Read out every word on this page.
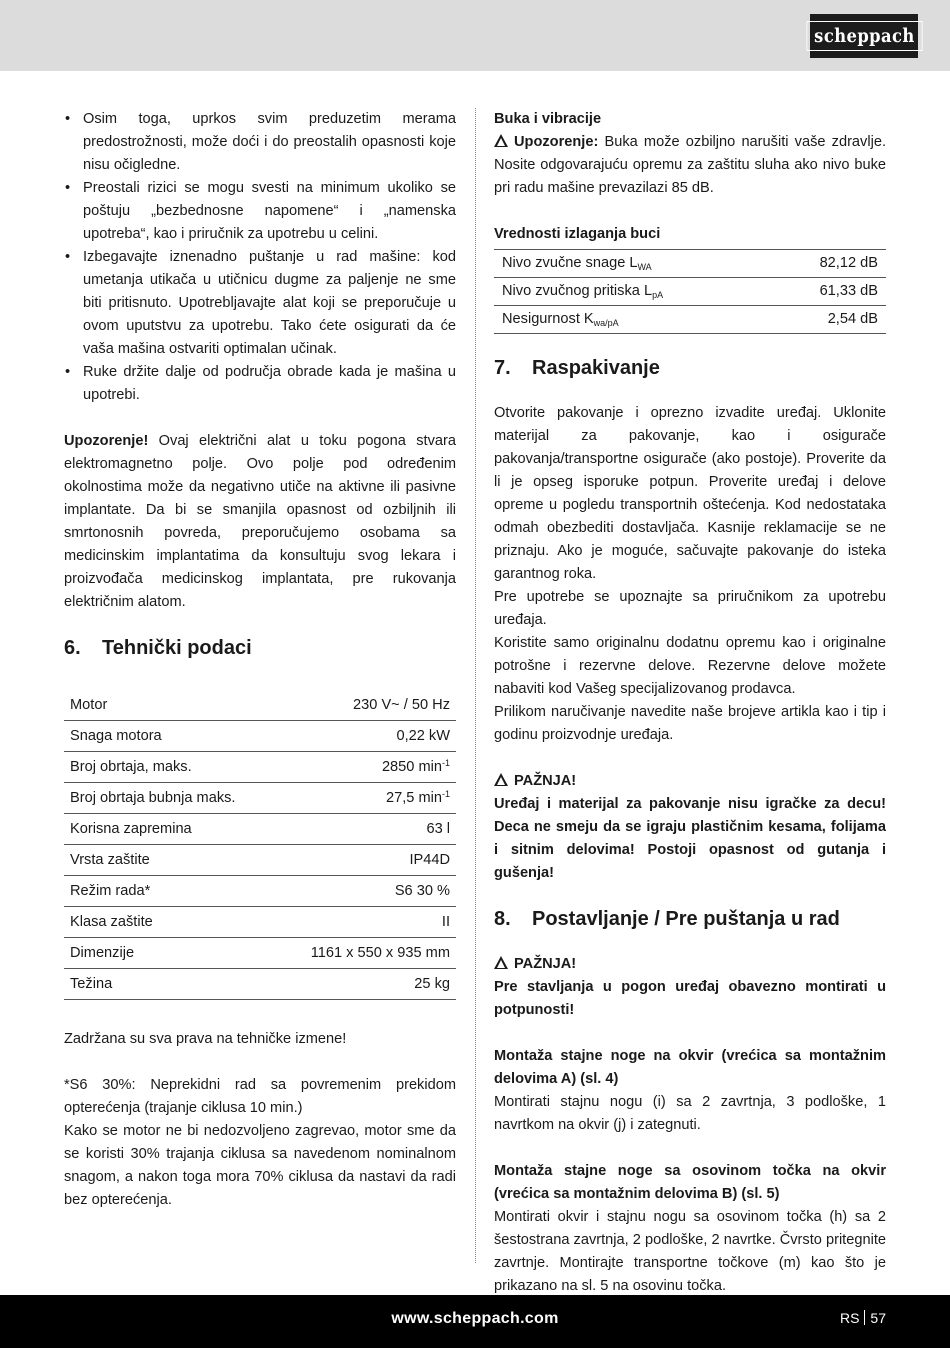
scheppach
• Osim toga, uprkos svim preduzetim merama predostrožnosti, može doći i do preostalih opasnosti koje nisu očigledne.
• Preostali rizici se mogu svesti na minimum ukoliko se poštuju „bezbednosne napomene“ i „namenska upotreba“, kao i priručnik za upotrebu u celini.
• Izbegavajte iznenadno puštanje u rad mašine: kod umetanja utikača u utičnicu dugme za paljenje ne sme biti pritisnuto. Upotrebljavajte alat koji se preporučuje u ovom uputstvu za upotrebu. Tako ćete osigurati da će vaša mašina ostvariti optimalan učinak.
• Ruke držite dalje od područja obrade kada je mašina u upotrebi.

Upozorenje! Ovaj električni alat u toku pogona stvara elektromagnetno polje. Ovo polje pod određenim okolnostima može da negativno utiče na aktivne ili pasivne implantate. Da bi se smanjila opasnost od ozbiljnih ili smrtonosnih povreda, preporučujemo osobama sa medicinskim implantatima da konsultuju svog lekara i proizvođača medicinskog implantata, pre rukovanja električnim alatom.

6. Tehnički podaci
Motor	230 V~ / 50 Hz
Snaga motora	0,22 kW
Broj obrtaja, maks.	2850 $\min^{-1}$
Broj obrtaja bubnja maks.	27,5 $\min^{-1}$
Korisna zapremina	63 l
Vrsta zaštite	IP44D
Režim rada*	S6 30 %
Klasa zaštite	II
Dimenzije	1161 x 550 x 935 mm
Težina	25 kg

Zadržana su sva prava na tehničke izmene!

*S6 30%: Neprekidni rad sa povremenim prekidom opterećenja (trajanje ciklusa 10 min.)

Kako se motor ne bi nedozvoljeno zagrevao, motor sme da se koristi 30% trajanja ciklusa sa navedenom nominalnom snagom, a nakon toga mora 70% ciklusa da nastavi da radi bez opterećenja.

Buka i vibracije

Upozorenje: Buka može ozbiljno narušiti vaše zdravlje. Nosite odgovarajuću opremu za zaštitu sluha ako nivo buke pri radu mašine prevazilazi 85 dB.

Vrednosti izlaganja buci

Nivo zvučne snage $L_{WA}$	82,12 dB
Nivo zvučnog pritiska $L_{pA}$	61,33 dB
Nesigurnost $K_{wa/pA}$	2,54 dB
7. Raspakivanje

Otvorite pakovanje i oprezno izvadite uređaj. Uklonite materijal za pakovanje, kao i osigurače pakovanja/transportne osigurače (ako postoje). Proverite da li je opseg isporuke potpun. Proverite uređaj i delove opreme u pogledu transportnih oštećenja. Kod nedostataka odmah obezbediti dostavljača. Kasnije reklamacije se ne priznaju. Ako je moguće, sačuvajte pakovanje do isteka garantnog roka.

Pre upotrebe se upoznajte sa priručnikom za upotrebu uređaja.

Koristite samo originalnu dodatnu opremu kao i originalne potrošne i rezervne delove. Rezervne delove možete nabaviti kod Vašeg specijalizovanog prodavca.

Prilikom naručivanje navedite naše brojeve artikla kao i tip i godinu proizvodnje uređaja.

PAŽNJA!

Uređaj i materijal za pakovanje nisu igračke za decu! Deca ne smeju da se igraju plastičnim kesama, folijama i sitnim delovima! Postoji opasnost od gutanja i gušenja!

8. Postavljanje / Pre puštanja u rad

PAŽNJA!

Pre stavljanja u pogon uređaj obavezno montirati u potpunosti!

Montaža stajne noge na okvir (vrećica sa montažnim delovima A) (sl. 4)

Montirati stajnu nogu (i) sa 2 zavrtnja, 3 podloške, 1 navrtkom na okvir (j) i zategnuti.

Montaža stajne noge sa osovinom točka na okvir (vrećica sa montažnim delovima B) (sl. 5)

Montirati okvir i stajnu nogu sa osovinom točka (h) sa 2 šestostrana zavrtnja, 2 podloške, 2 navrtke. Čvrsto pritegnite zavrtnje. Montirajte transportne točkove (m) kao što je prikazano na sl. 5 na osovinu točka.

www.scheppach.com	RS 57
